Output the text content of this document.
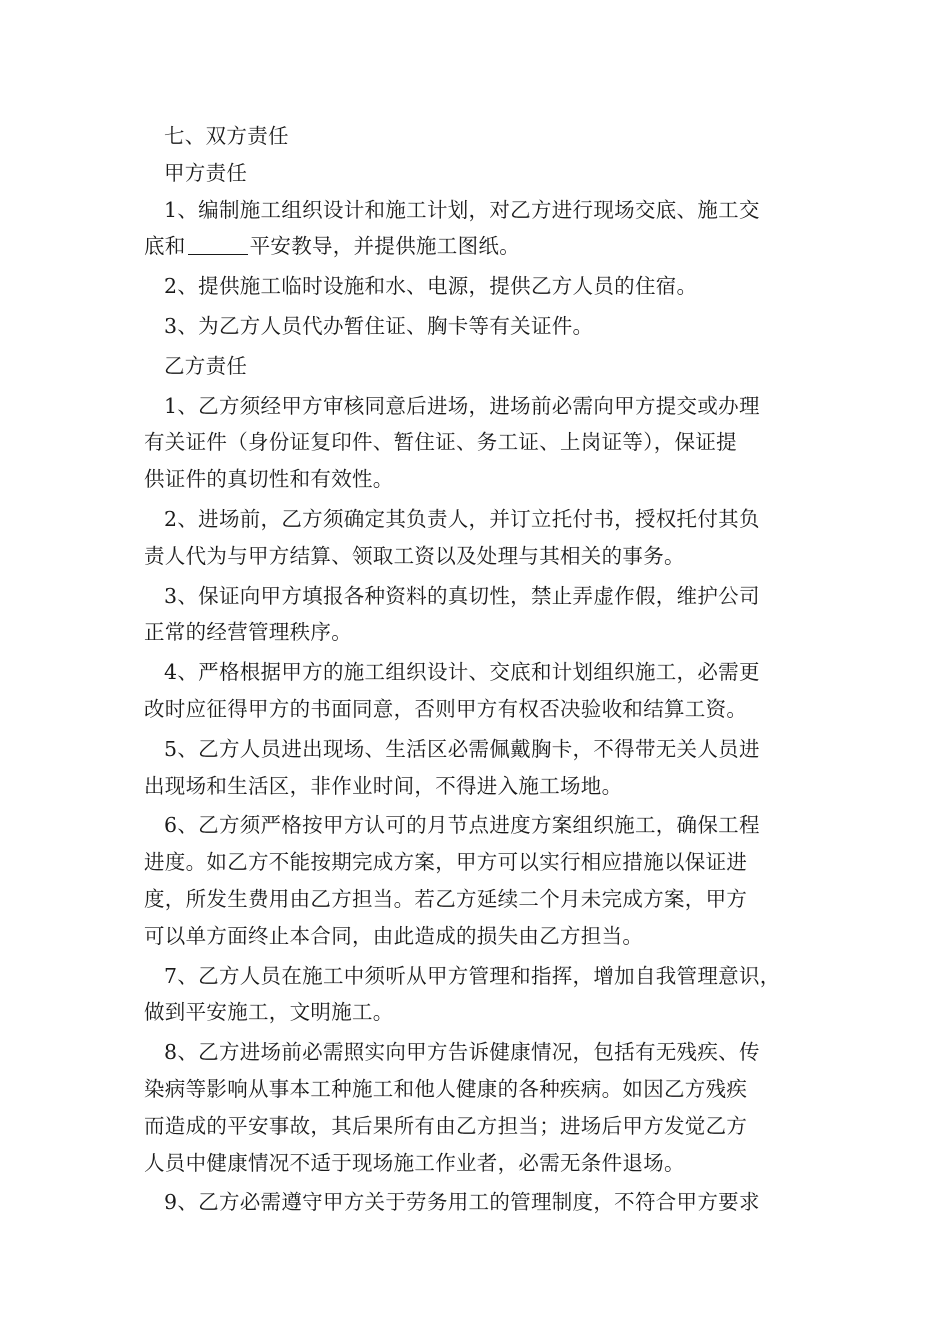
七、双方责任
甲方责任
1、编制施工组织设计和施工计划，对乙方进行现场交底、施工交
底和	平安教导，并提供施工图纸。
2、提供施工临时设施和水、电源，提供乙方人员的住宿。
3、为乙方人员代办暂住证、胸卡等有关证件。
乙方责任
1、乙方须经甲方审核同意后进场，进场前必需向甲方提交或办理
有关证件（身份证复印件、暂住证、务工证、上岗证等），保证提
供证件的真切性和有效性。
2、进场前，乙方须确定其负责人，并订立托付书，授权托付其负
责人代为与甲方结算、领取工资以及处理与其相关的事务。
3、保证向甲方填报各种资料的真切性，禁止弄虚作假，维护公司
正常的经营管理秩序。
4、严格根据甲方的施工组织设计、交底和计划组织施工，必需更
改时应征得甲方的书面同意，否则甲方有权否决验收和结算工资。
5、乙方人员进出现场、生活区必需佩戴胸卡，不得带无关人员进
出现场和生活区，非作业时间，不得进入施工场地。
6、乙方须严格按甲方认可的月节点进度方案组织施工，确保工程
进度。如乙方不能按期完成方案，甲方可以实行相应措施以保证进
度，所发生费用由乙方担当。若乙方延续二个月未完成方案，甲方
可以单方面终止本合同，由此造成的损失由乙方担当。
7、乙方人员在施工中须听从甲方管理和指挥，增加自我管理意识，
做到平安施工，文明施工。
8、乙方进场前必需照实向甲方告诉健康情况，包括有无残疾、传
染病等影响从事本工种施工和他人健康的各种疾病。如因乙方残疾
而造成的平安事故，其后果所有由乙方担当；进场后甲方发觉乙方
人员中健康情况不适于现场施工作业者，必需无条件退场。
9、乙方必需遵守甲方关于劳务用工的管理制度，不符合甲方要求
